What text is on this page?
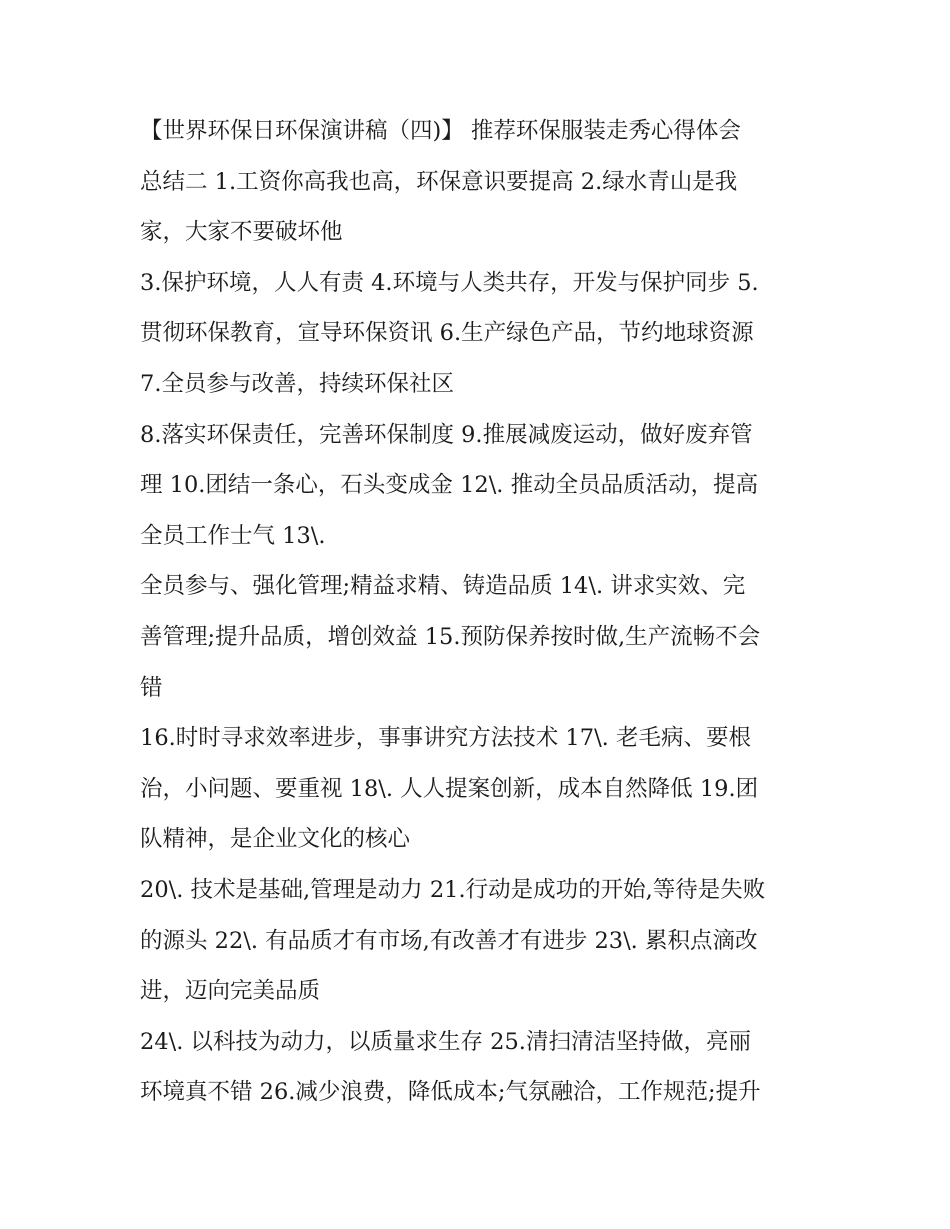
【世界环保日环保演讲稿（四)】 推荐环保服装走秀心得体会
总结二 1.工资你高我也高，环保意识要提高 2.绿水青山是我
家，大家不要破坏他

3.保护环境，人人有责 4.环境与人类共存，开发与保护同步 5.
贯彻环保教育，宣导环保资讯 6.生产绿色产品，节约地球资源
7.全员参与改善，持续环保社区

8.落实环保责任，完善环保制度 9.推展减废运动，做好废弃管
理 10.团结一条心，石头变成金 12\. 推动全员品质活动，提高
全员工作士气 13\.

全员参与、强化管理;精益求精、铸造品质 14\. 讲求实效、完
善管理;提升品质，增创效益 15.预防保养按时做,生产流畅不会
错

16.时时寻求效率进步，事事讲究方法技术 17\. 老毛病、要根
治，小问题、要重视 18\. 人人提案创新，成本自然降低 19.团
队精神，是企业文化的核心

20\. 技术是基础,管理是动力 21.行动是成功的开始,等待是失败
的源头 22\. 有品质才有市场,有改善才有进步 23\. 累积点滴改
进，迈向完美品质

24\. 以科技为动力，以质量求生存 25.清扫清洁坚持做，亮丽
环境真不错 26.减少浪费，降低成本;气氛融洽，工作规范;提升
